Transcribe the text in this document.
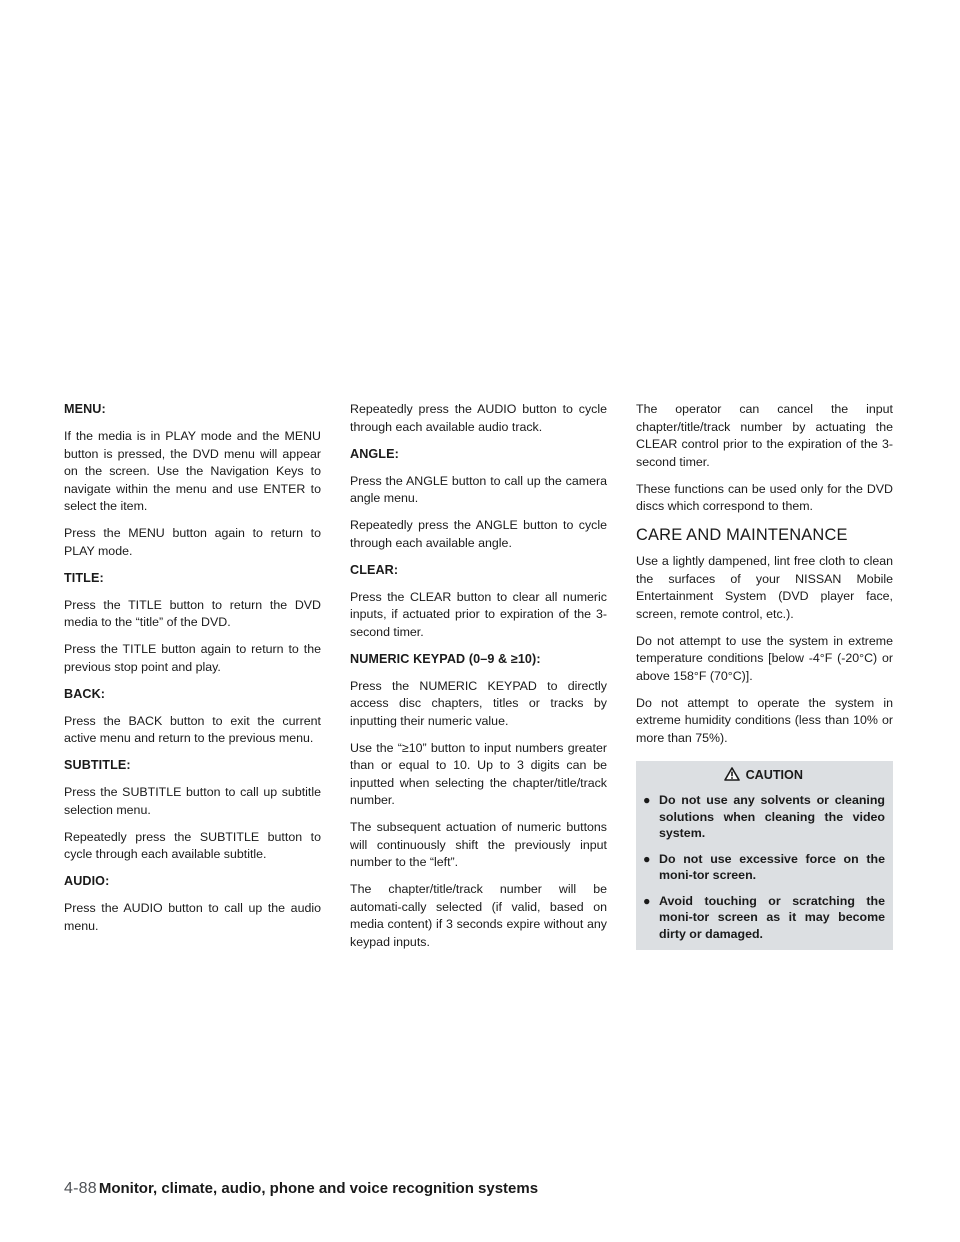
MENU:

If the media is in PLAY mode and the MENU button is pressed, the DVD menu will appear on the screen. Use the Navigation Keys to navigate within the menu and use ENTER to select the item.

Press the MENU button again to return to PLAY mode.

TITLE:

Press the TITLE button to return the DVD media to the “title” of the DVD.

Press the TITLE button again to return to the previous stop point and play.

BACK:

Press the BACK button to exit the current active menu and return to the previous menu.

SUBTITLE:

Press the SUBTITLE button to call up subtitle selection menu.

Repeatedly press the SUBTITLE button to cycle through each available subtitle.

AUDIO:

Press the AUDIO button to call up the audio menu.

Repeatedly press the AUDIO button to cycle through each available audio track.

ANGLE:

Press the ANGLE button to call up the camera angle menu.

Repeatedly press the ANGLE button to cycle through each available angle.

CLEAR:

Press the CLEAR button to clear all numeric inputs, if actuated prior to expiration of the 3-second timer.

NUMERIC KEYPAD (0–9 & ≥10):

Press the NUMERIC KEYPAD to directly access disc chapters, titles or tracks by inputting their numeric value.

Use the “≥10” button to input numbers greater than or equal to 10. Up to 3 digits can be inputted when selecting the chapter/title/track number.

The subsequent actuation of numeric buttons will continuously shift the previously input number to the “left”.

The chapter/title/track number will be automati-cally selected (if valid, based on media content) if 3 seconds expire without any keypad inputs.

The operator can cancel the input chapter/title/track number by actuating the CLEAR control prior to the expiration of the 3-second timer.

These functions can be used only for the DVD discs which correspond to them.

CARE AND MAINTENANCE

Use a lightly dampened, lint free cloth to clean the surfaces of your NISSAN Mobile Entertainment System (DVD player face, screen, remote control, etc.).

Do not attempt to use the system in extreme temperature conditions [below -4°F (-20°C) or above 158°F (70°C)].

Do not attempt to operate the system in extreme humidity conditions (less than 10% or more than 75%).

CAUTION
● Do not use any solvents or cleaning solutions when cleaning the video system.
● Do not use excessive force on the moni-tor screen.
● Avoid touching or scratching the moni-tor screen as it may become dirty or damaged.
4-88 Monitor, climate, audio, phone and voice recognition systems
